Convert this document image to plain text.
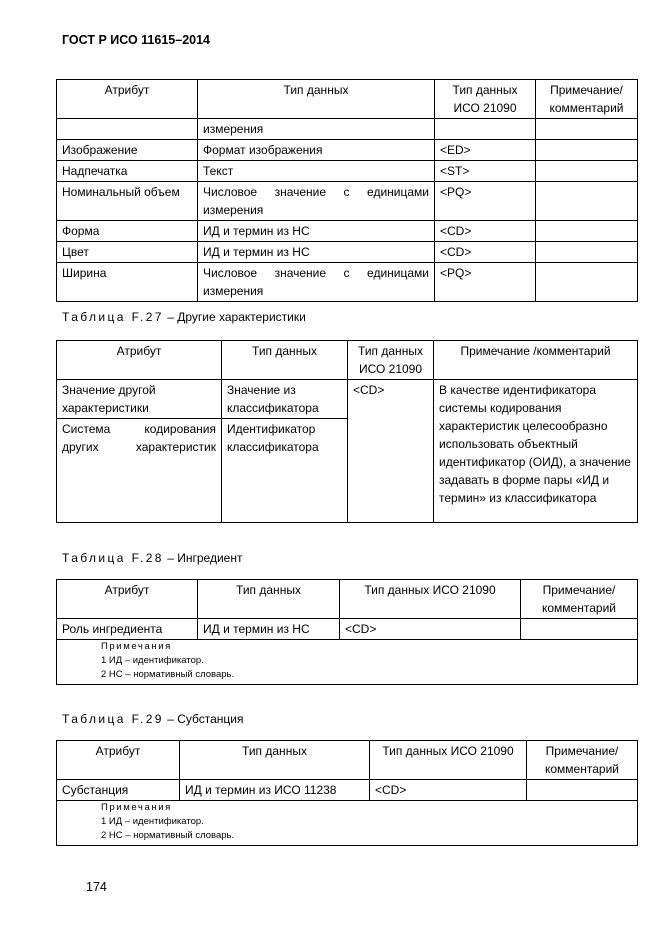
ГОСТ Р ИСО 11615–2014
Атрибут	Тип данных	Тип данных ИСО 21090	Примечание/ комментарий
	измерения		
Изображение	Формат изображения	<ED>	
Надпечатка	Текст	<ST>	
Номинальный объем	Числовое значение с единицами измерения	<PQ>	
Форма	ИД и термин из НС	<CD>	
Цвет	ИД и термин из НС	<CD>	
Ширина	Числовое значение с единицами измерения	<PQ>	
Таблица F.27 – Другие характеристики
Атрибут	Тип данных	Тип данных ИСО 21090	Примечание /комментарий
Значение другой характеристики	Значение из классификатора	<CD>	В качестве идентификатора системы кодирования характеристик целесообразно использовать объектный идентификатор (ОИД), а значение задавать в форме пары «ИД и термин» из классификатора
Система кодирования других характеристик	Идентификатор классификатора		
Таблица F.28 – Ингредиент
Атрибут	Тип данных	Тип данных ИСО 21090	Примечание/ комментарий
Роль ингредиента	ИД и термин из НС	<CD>	

Примечания
1 ИД – идентификатор.
2 НС – нормативный словарь.			
Таблица F.29 – Субстанция
Атрибут	Тип данных	Тип данных ИСО 21090	Примечание/ комментарий
Субстанция	ИД и термин из ИСО 11238	<CD>	

Примечания
1 ИД – идентификатор.
2 НС – нормативный словарь.			
174
